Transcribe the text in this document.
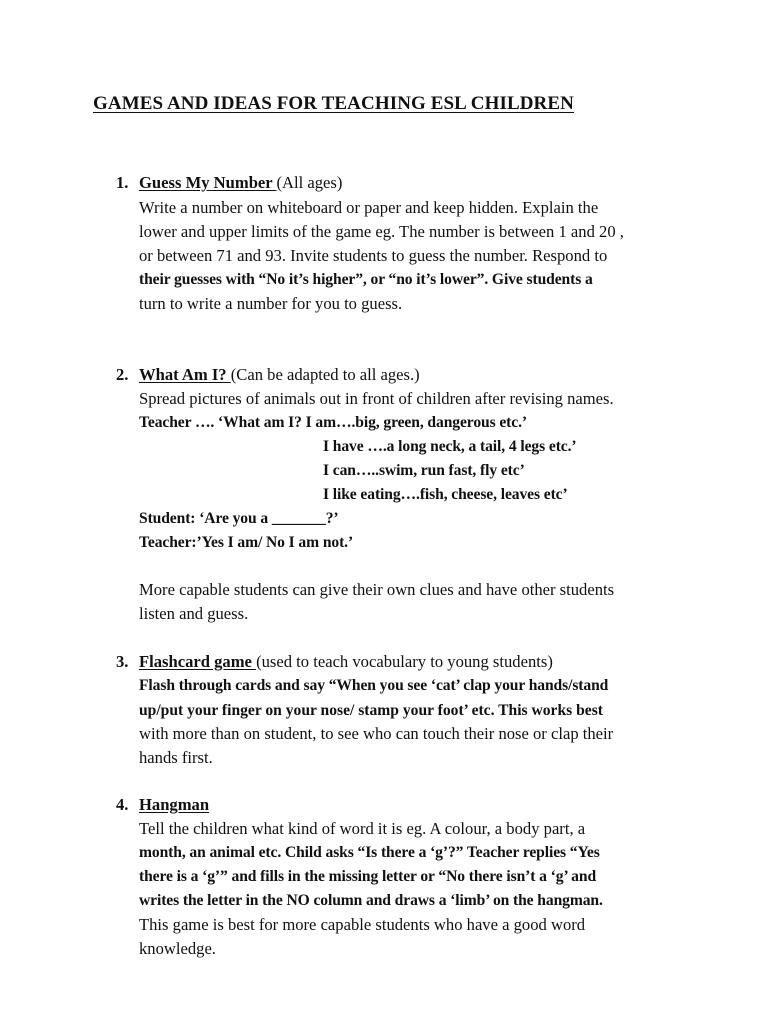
GAMES AND IDEAS FOR TEACHING ESL CHILDREN
1. Guess My Number (All ages)
Write a number on whiteboard or paper and keep hidden. Explain the
lower and upper limits of the game eg. The number is between 1 and 20 ,
or between 71 and 93. Invite students to guess the number. Respond to
their guesses with “No it’s higher”, or “no it’s lower”. Give students a
turn to write a number for you to guess.
2. What Am I? (Can be adapted to all ages.)
Spread pictures of animals out in front of children after revising names.
Teacher …. ‘What am I? I am….big, green, dangerous etc.’
I have ….a long neck, a tail, 4 legs etc.’
I can…..swim, run fast, fly etc’
I like eating….fish, cheese, leaves etc’
Student: ‘Are you a _______?’
Teacher:’Yes I am/ No I am not.’
More capable students can give their own clues and have other students
listen and guess.
3. Flashcard game (used to teach vocabulary to young students)
Flash through cards and say “When you see ‘cat’ clap your hands/stand
up/put your finger on your nose/ stamp your foot’ etc. This works best
with more than on student, to see who can touch their nose or clap their
hands first.
4. Hangman
Tell the children what kind of word it is eg. A colour, a body part, a
month, an animal etc. Child asks “Is there a ‘g’?” Teacher replies “Yes
there is a ‘g’” and fills in the missing letter or “No there isn’t a ‘g’ and
writes the letter in the NO column and draws a ‘limb’ on the hangman.
This game is best for more capable students who have a good word
knowledge.
